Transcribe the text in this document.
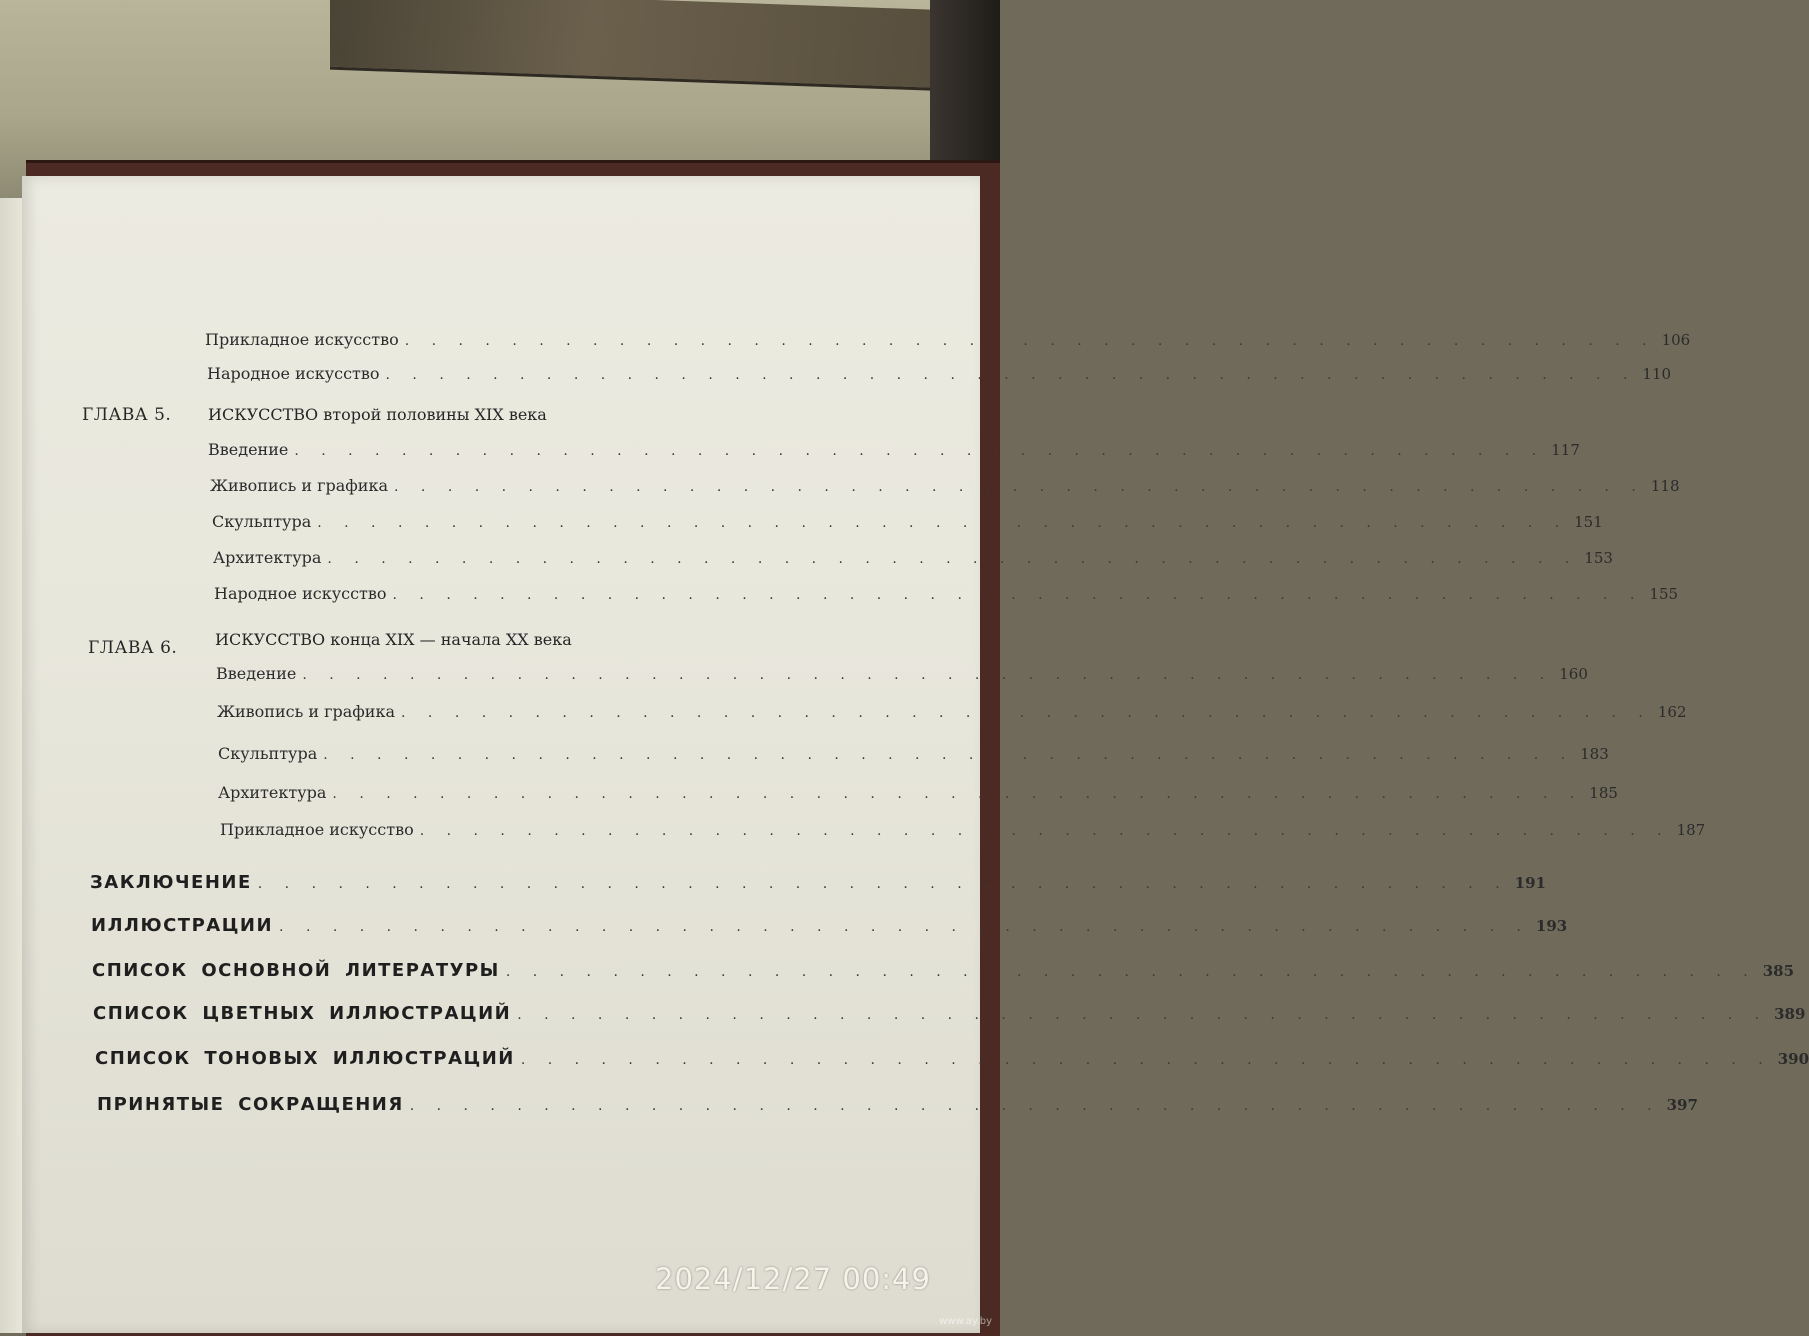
Прикладное искусство . . . . . . . . . . . . . . . . . . . . . . . . . . . . . . . . . . . . . . . . . . . . . . . 106
Народное искусство . . . . . . . . . . . . . . . . . . . . . . . . . . . . . . . . . . . . . . . . . . . . . . . 110
ГЛАВА 5. ИСКУССТВО второй половины XIX века
Введение . . . . . . . . . . . . . . . . . . . . . . . . . . . . . . . . . . . . . . . . . . . . . . . 117
Живопись и графика . . . . . . . . . . . . . . . . . . . . . . . . . . . . . . . . . . . . . . . . . . . . . . . 118
Скульптура . . . . . . . . . . . . . . . . . . . . . . . . . . . . . . . . . . . . . . . . . . . . . . . 151
Архитектура . . . . . . . . . . . . . . . . . . . . . . . . . . . . . . . . . . . . . . . . . . . . . . . 153
Народное искусство . . . . . . . . . . . . . . . . . . . . . . . . . . . . . . . . . . . . . . . . . . . . . . . 155
ГЛАВА 6. ИСКУССТВО конца XIX — начала XX века
Введение . . . . . . . . . . . . . . . . . . . . . . . . . . . . . . . . . . . . . . . . . . . . . . . 160
Живопись и графика . . . . . . . . . . . . . . . . . . . . . . . . . . . . . . . . . . . . . . . . . . . . . . . 162
Скульптура . . . . . . . . . . . . . . . . . . . . . . . . . . . . . . . . . . . . . . . . . . . . . . . 183
Архитектура . . . . . . . . . . . . . . . . . . . . . . . . . . . . . . . . . . . . . . . . . . . . . . . 185
Прикладное искусство . . . . . . . . . . . . . . . . . . . . . . . . . . . . . . . . . . . . . . . . . . . . . . . 187
ЗАКЛЮЧЕНИЕ . . . . . . . . . . . . . . . . . . . . . . . . . . . . . . . . . . . . . . . . . . . . . . . 191
ИЛЛЮСТРАЦИИ . . . . . . . . . . . . . . . . . . . . . . . . . . . . . . . . . . . . . . . . . . . . . . . 193
СПИСОК ОСНОВНОЙ ЛИТЕРАТУРЫ . . . . . . . . . . . . . . . . . . . . . . . . . . . . . . . . . . . . . . . . . . . . . . . 385
СПИСОК ЦВЕТНЫХ ИЛЛЮСТРАЦИЙ . . . . . . . . . . . . . . . . . . . . . . . . . . . . . . . . . . . . . . . . . . . . . . . 389
СПИСОК ТОНОВЫХ ИЛЛЮСТРАЦИЙ . . . . . . . . . . . . . . . . . . . . . . . . . . . . . . . . . . . . . . . . . . . . . . . 390
ПРИНЯТЫЕ СОКРАЩЕНИЯ . . . . . . . . . . . . . . . . . . . . . . . . . . . . . . . . . . . . . . . . . . . . . . . 397
2024/12/27 00:49
www.ay.by
